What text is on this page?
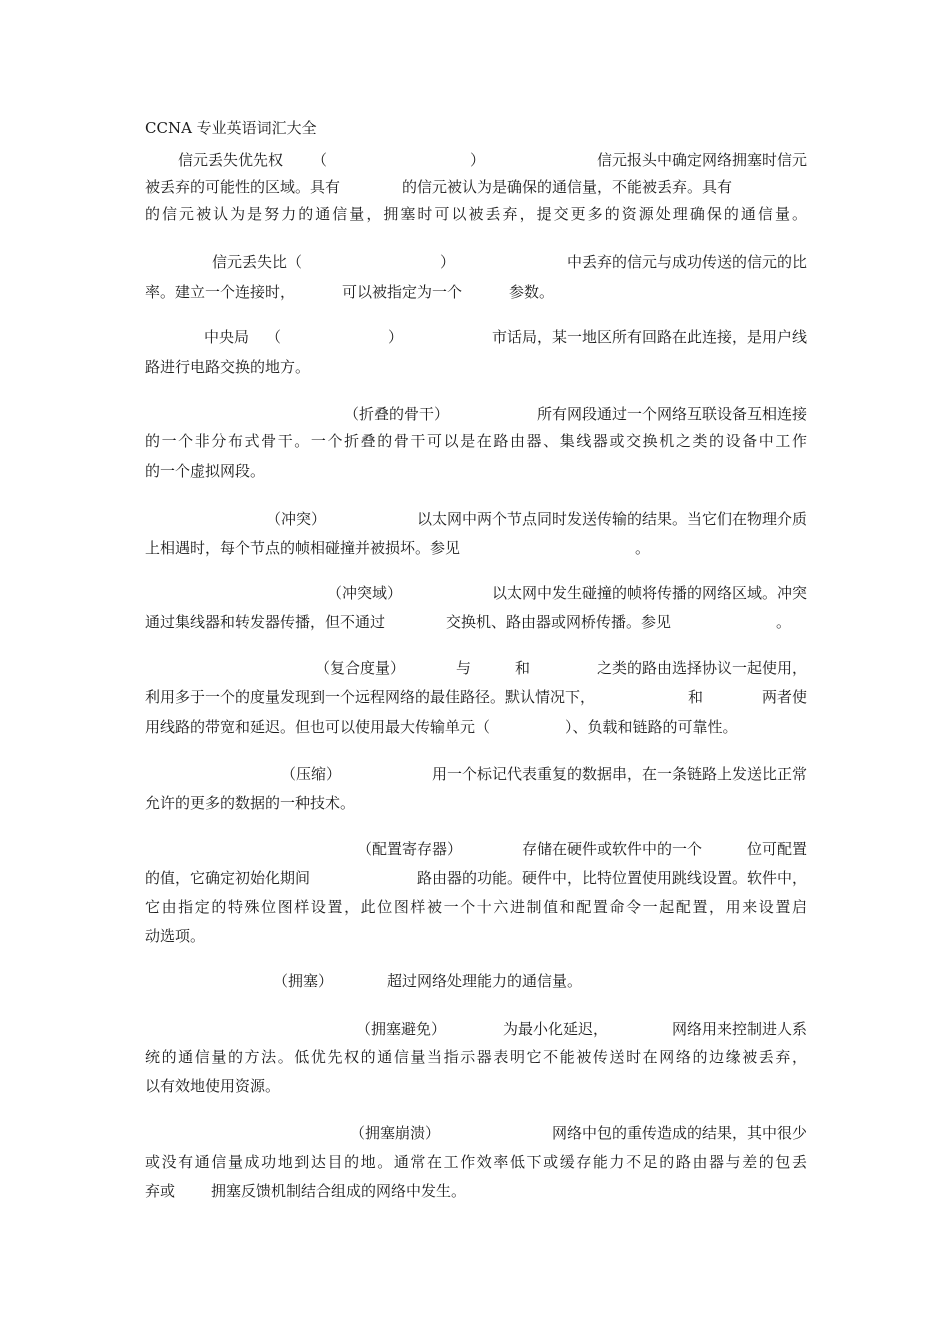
CCNA 专业英语词汇大全
信元丢失优先权 （	）	信元报头中确定网络拥塞时信元
被丢弃的可能性的区域。具有	的信元被认为是确保的通信量，不能被丢弃。具有
的信元被认为是努力的通信量，拥塞时可以被丢弃，提交更多的资源处理确保的通信量。
信元丢失比（	）	中丢弃的信元与成功传送的信元的比
率。建立一个连接时，	可以被指定为一个	参数。
中央局 （	）	市话局，某一地区所有回路在此连接，是用户线
路进行电路交换的地方。
（折叠的骨干）	所有网段通过一个网络互联设备互相连接
的一个非分布式骨干。一个折叠的骨干可以是在路由器、集线器或交换机之类的设备中工作
的一个虚拟网段。
（冲突）	以太网中两个节点同时发送传输的结果。当它们在物理介质
上相遇时，每个节点的帧相碰撞并被损坏。参见	。
（冲突域）	以太网中发生碰撞的帧将传播的网络区域。冲突
通过集线器和转发器传播，但不通过	交换机、路由器或网桥传播。参见	。
（复合度量）	与	和	之类的路由选择协议一起使用，
利用多于一个的度量发现到一个远程网络的最佳路径。默认情况下，	和	两者使
用线路的带宽和延迟。但也可以使用最大传输单元（	）、负载和链路的可靠性。
（压缩）	用一个标记代表重复的数据串，在一条链路上发送比正常
允许的更多的数据的一种技术。
（配置寄存器）	存储在硬件或软件中的一个	位可配置
的值，它确定初始化期间	路由器的功能。硬件中，比特位置使用跳线设置。软件中，
它由指定的特殊位图样设置，此位图样被一个十六进制值和配置命令一起配置，用来设置启
动选项。
（拥塞）	超过网络处理能力的通信量。
（拥塞避免）	为最小化延迟，	网络用来控制进人系
统的通信量的方法。低优先权的通信量当指示器表明它不能被传送时在网络的边缘被丢弃，
以有效地使用资源。
（拥塞崩溃）	网络中包的重传造成的结果，其中很少
或没有通信量成功地到达目的地。通常在工作效率低下或缓存能力不足的路由器与差的包丢
弃或 拥塞反馈机制结合组成的网络中发生。
